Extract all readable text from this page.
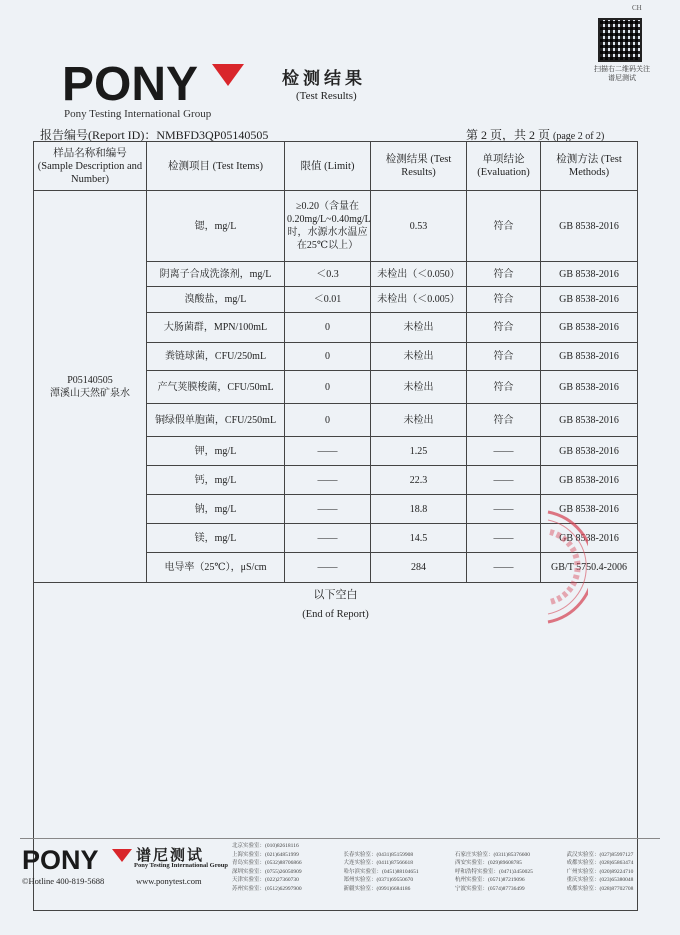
CH
PONY
Pony Testing International Group
检测结果
(Test Results)
扫描右二维码关注谱尼测试
报告编号(Report ID)：NMBFD3QP05140505	第 2 页，共 2 页 (page 2 of 2)
样品名称和编号 (Sample Description and Number)	检测项目 (Test Items)	限值 (Limit)	检测结果 (Test Results)	单项结论 (Evaluation)	检测方法 (Test Methods)

P05140505
潭溪山天然矿泉水	锶，mg/L	≥0.20（含量在0.20mg/L~0.40mg/L时，水源水水温应在25℃以上）	0.53	符合	GB 8538-2016
	阴离子合成洗涤剂，mg/L	＜0.3	未检出（＜0.050）	符合	GB 8538-2016
	溴酸盐，mg/L	＜0.01	未检出（＜0.005）	符合	GB 8538-2016
	大肠菌群，MPN/100mL	0	未检出	符合	GB 8538-2016
	粪链球菌，CFU/250mL	0	未检出	符合	GB 8538-2016
	产气荚膜梭菌，CFU/50mL	0	未检出	符合	GB 8538-2016
	铜绿假单胞菌，CFU/250mL	0	未检出	符合	GB 8538-2016
	钾，mg/L	——	1.25	——	GB 8538-2016
	钙，mg/L	——	22.3	——	GB 8538-2016
	钠，mg/L	——	18.8	——	GB 8538-2016
	镁，mg/L	——	14.5	——	GB 8538-2016
	电导率（25℃），μS/cm	——	284	——	GB/T 5750.4-2006

以下空白
(End of Report)					
PONY 谱尼测试
Pony Testing International Group
©Hotline 400-819-5688	www.ponytest.com
北京实验室：(010)82618116
上海实验室：(021)64851999	长春实验室：(0431)85159908	石家庄实验室：(0311)85376600	武汉实验室：(027)85997127
青岛实验室：(0532)88706866	大连实验室：(0411)87566618	西安实验室：(029)89608785	成都实验室：(028)65863474
深圳实验室：(0755)26050909	哈尔滨实验室：(0451)88104651	呼和浩特实验室：(0471)3450025	广州实验室：(020)89224710
天津实验室：(022)27360730	郑州实验室：(0371)69550670	杭州实验室：(0571)87219096	重庆实验室：(023)65380048
苏州实验室：(0512)62997900	新疆实验室：(0991)6684186	宁波实验室：(0574)87736499	成都实验室：(028)87702708
